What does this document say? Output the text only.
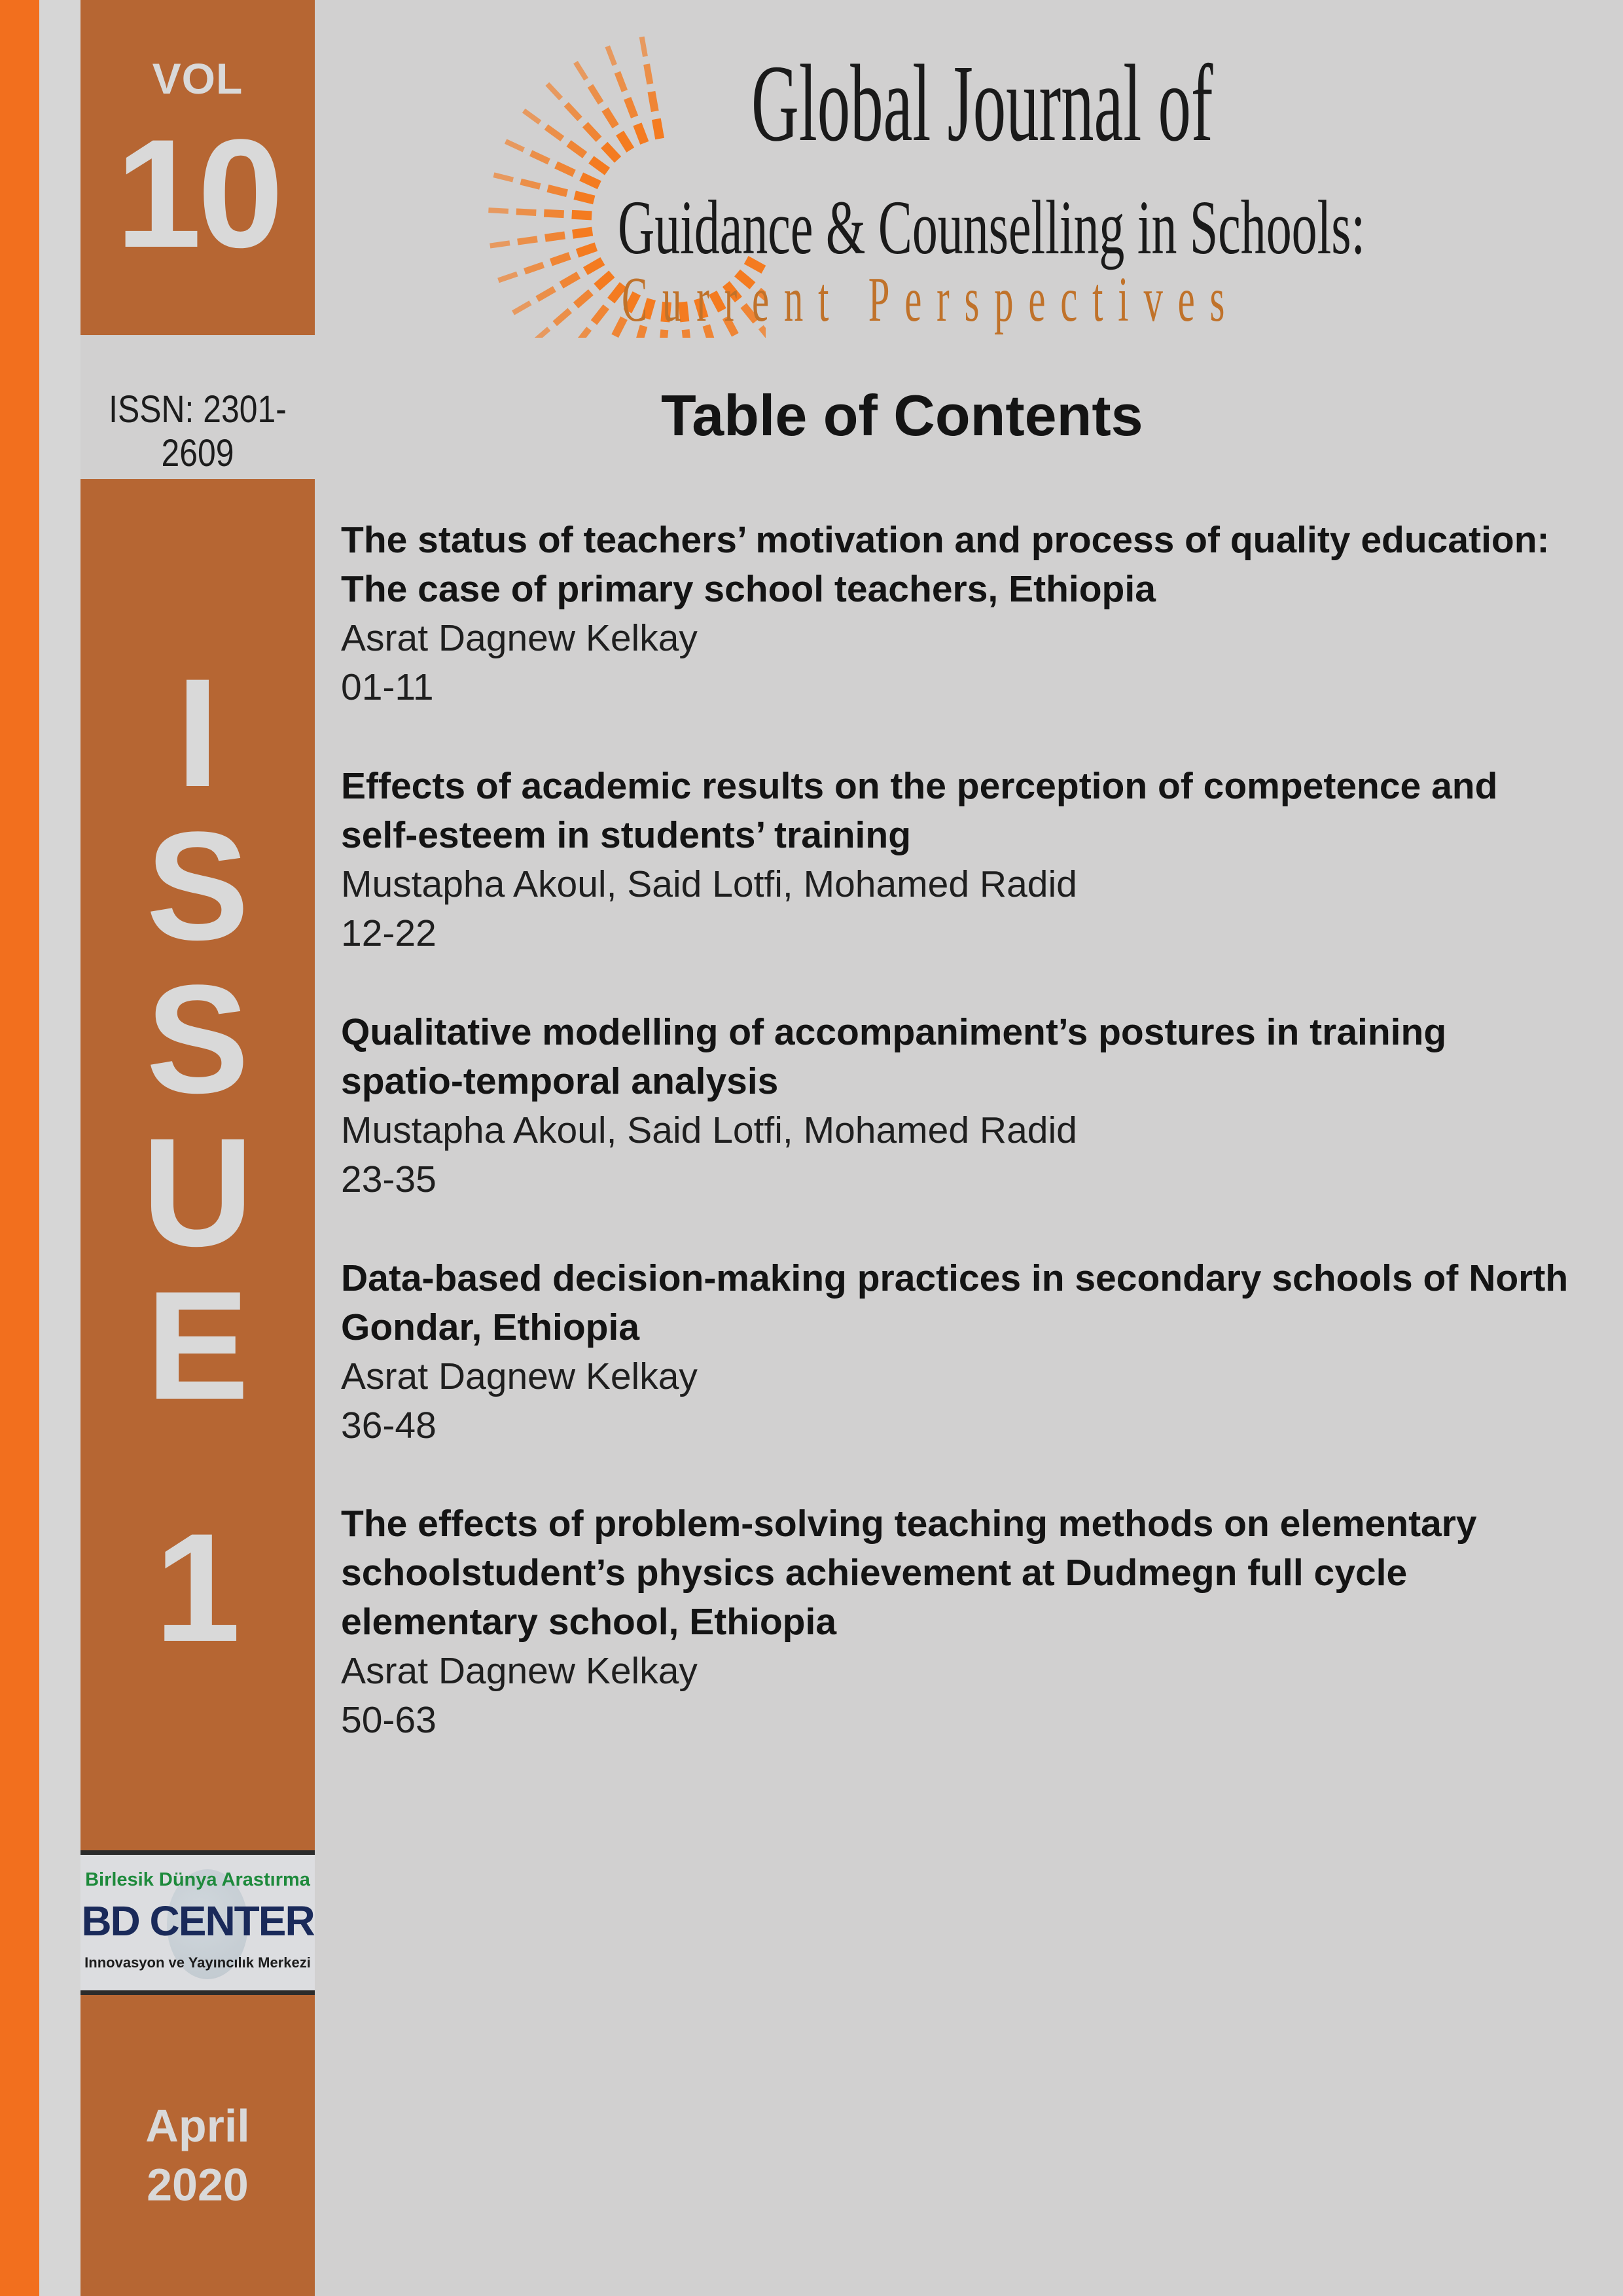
VOL
10
ISSN: 2301-2609
I
S
S
U
E
1
Birlesik Dünya Arastırma
BD CENTER
Innovasyon ve Yayıncılık Merkezi
April
2020
Global Journal of
Guidance & Counselling in Schools:
Current Perspectives
Table of Contents
The status of teachers’ motivation and process of quality education:
The case of primary school teachers, Ethiopia
Asrat Dagnew Kelkay
01-11
Effects of academic results on the perception of competence and
self-esteem in students’ training
Mustapha Akoul, Said Lotfi, Mohamed Radid
12-22
Qualitative modelling of accompaniment’s postures in training
spatio-temporal analysis
Mustapha Akoul, Said Lotfi, Mohamed Radid
23-35
Data-based decision-making practices in secondary schools of North
Gondar, Ethiopia
Asrat Dagnew Kelkay
36-48
The effects of problem-solving teaching methods on elementary
schoolstudent’s physics achievement at Dudmegn full cycle
elementary school, Ethiopia
Asrat Dagnew Kelkay
50-63
